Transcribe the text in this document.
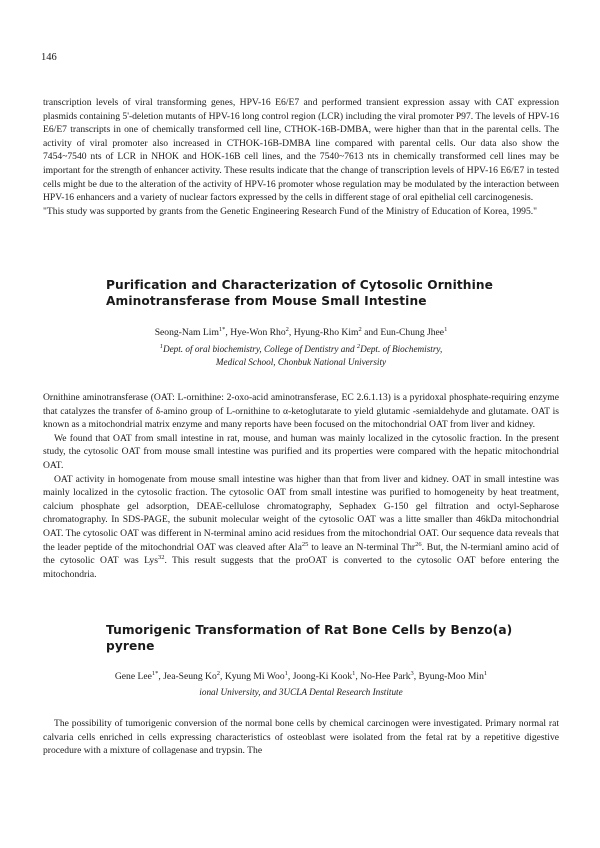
146

transcription levels of viral transforming genes, HPV-16 E6/E7 and performed transient expression assay with CAT expression plasmids containing 5'-deletion mutants of HPV-16 long control region (LCR) including the viral promoter P97. The levels of HPV-16 E6/E7 transcripts in one of chemically transformed cell line, CTHOK-16B-DMBA, were higher than that in the parental cells. The activity of viral promoter also increased in CTHOK-16B-DMBA line compared with parental cells. Our data also show the 7454~7540 nts of LCR in NHOK and HOK-16B cell lines, and the 7540~7613 nts in chemically transformed cell lines may be important for the strength of enhancer activity. These results indicate that the change of transcription levels of HPV-16 E6/E7 in tested cells might be due to the alteration of the activity of HPV-16 promoter whose regulation may be modulated by the interaction between HPV-16 enhancers and a variety of nuclear factors expressed by the cells in different stage of oral epithelial cell carcinogenesis.

"This study was supported by grants from the Genetic Engineering Research Fund of the Ministry of Education of Korea, 1995."

Purification and Characterization of Cytosolic Ornithine Aminotransferase from Mouse Small Intestine
Seong-Nam Lim$^{1*}$, Hye-Won Rho$^2$, Hyung-Rho Kim$^2$ and Eun-Chung Jhee$^1$
$^1$Dept. of oral biochemistry, College of Dentistry and $^2$Dept. of Biochemistry,
Medical School, Chonbuk National University

Ornithine aminotransferase (OAT: L-ornithine: 2-oxo-acid aminotransferase, EC 2.6.1.13) is a pyridoxal phosphate-requiring enzyme that catalyzes the transfer of δ-amino group of L-ornithine to α-ketoglutarate to yield glutamic -semialdehyde and glutamate. OAT is known as a mitochondrial matrix enzyme and many reports have been focused on the mitochondrial OAT from liver and kidney.

We found that OAT from small intestine in rat, mouse, and human was mainly localized in the cytosolic fraction. In the present study, the cytosolic OAT from mouse small intestine was purified and its properties were compared with the hepatic mitochondrial OAT.

OAT activity in homogenate from mouse small intestine was higher than that from liver and kidney. OAT in small intestine was mainly localized in the cytosolic fraction. The cytosolic OAT from small intestine was purified to homogeneity by heat treatment, calcium phosphate gel adsorption, DEAE-cellulose chromatography, Sephadex G-150 gel filtration and octyl-Sepharose chromatography. In SDS-PAGE, the subunit molecular weight of the cytosolic OAT was a litte smaller than 46kDa mitochondrial OAT. The cytosolic OAT was different in N-terminal amino acid residues from the mitochondrial OAT. Our sequence data reveals that the leader peptide of the mitochondrial OAT was cleaved after Ala$^{25}$ to leave an N-terminal Thr$^{26}$. But, the N-termianl amino acid of the cytosolic OAT was Lys$^{32}$. This result suggests that the proOAT is converted to the cytosolic OAT before entering the mitochondria.

Tumorigenic Transformation of Rat Bone Cells by Benzo(a) pyrene
Gene Lee$^{1*}$, Jea-Seung Ko$^2$, Kyung Mi Woo$^1$, Joong-Ki Kook$^1$, No-Hee Park$^3$, Byung-Moo Min$^1$
ional University, and 3UCLA Dental Research Institute

The possibility of tumorigenic conversion of the normal bone cells by chemical carcinogen were investigated. Primary normal rat calvaria cells enriched in cells expressing characteristics of osteoblast were isolated from the fetal rat by a repetitive digestive procedure with a mixture of collagenase and trypsin. The
